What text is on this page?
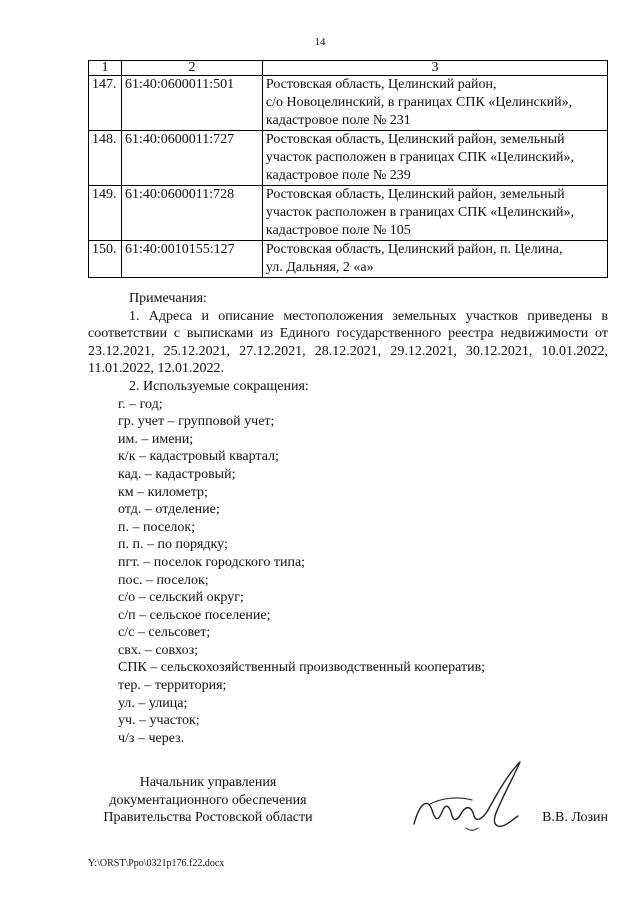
14
1	2	3
147.	61:40:0600011:501	Ростовская область, Целинский район,
с/о Новоцелинский, в границах СПК «Целинский»,
кадастровое поле № 231

148.	61:40:0600011:727	Ростовская область, Целинский район, земельный
участок расположен в границах СПК «Целинский»,
кадастровое поле № 239

149.	61:40:0600011:728	Ростовская область, Целинский район, земельный
участок расположен в границах СПК «Целинский»,
кадастровое поле № 105

150.	61:40:0010155:127	Ростовская область, Целинский район, п. Целина,
ул. Дальняя, 2 «а»

Примечания:

1. Адреса и описание местоположения земельных участков приведены в соответствии с выписками из Единого государственного реестра недвижимости от 23.12.2021, 25.12.2021, 27.12.2021, 28.12.2021, 29.12.2021, 30.12.2021, 10.01.2022, 11.01.2022, 12.01.2022.

2. Используемые сокращения:

г. – год;
гр. учет – групповой учет;
им. – имени;
к/к – кадастровый квартал;
кад. – кадастровый;
км – километр;
отд. – отделение;
п. – поселок;
п. п. – по порядку;
пгт. – поселок городского типа;
пос. – поселок;
с/о – сельский округ;
с/п – сельское поселение;
с/с – сельсовет;
свх. – совхоз;
СПК – сельскохозяйственный производственный кооператив;
тер. – территория;
ул. – улица;
уч. – участок;
ч/з – через.
Начальник управления
документационного обеспечения
Правительства Ростовской области	В.В. Лозин
Y:\ORST\Ppo\0321p176.f22.docx
